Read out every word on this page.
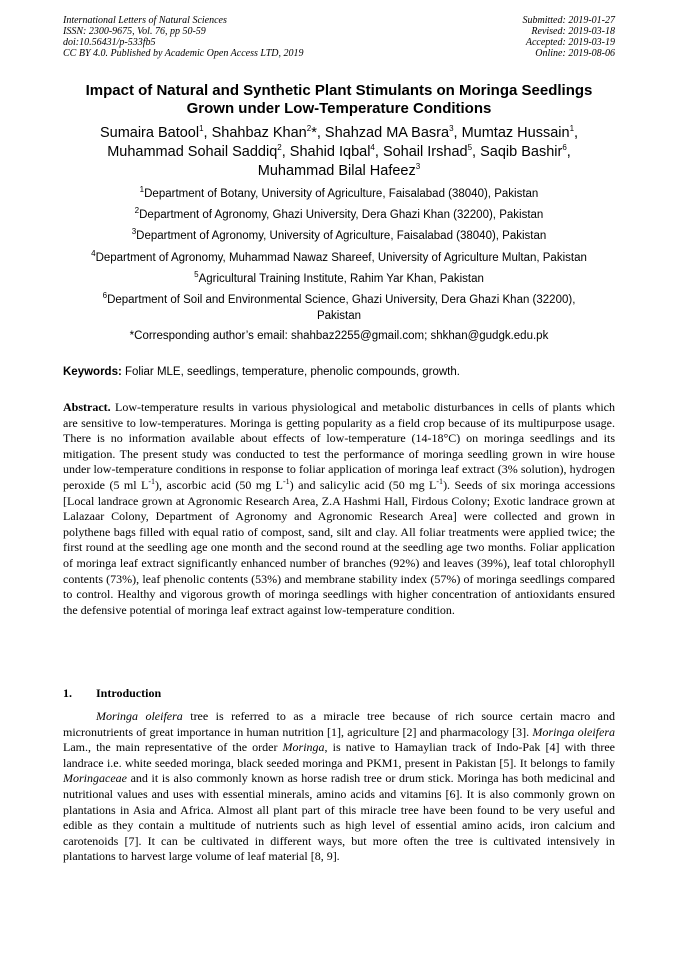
International Letters of Natural Sciences
ISSN: 2300-9675, Vol. 76, pp 50-59
doi:10.56431/p-533fb5
CC BY 4.0. Published by Academic Open Access LTD, 2019
Submitted: 2019-01-27
Revised: 2019-03-18
Accepted: 2019-03-19
Online: 2019-08-06
Impact of Natural and Synthetic Plant Stimulants on Moringa Seedlings
Grown under Low-Temperature Conditions
Sumaira Batool$^1$, Shahbaz Khan$^2$*, Shahzad MA Basra$^3$, Mumtaz Hussain$^1$,
Muhammad Sohail Saddiq$^2$, Shahid Iqbal$^4$, Sohail Irshad$^5$, Saqib Bashir$^6$,
Muhammad Bilal Hafeez$^3$
$^1$Department of Botany, University of Agriculture, Faisalabad (38040), Pakistan
$^2$Department of Agronomy, Ghazi University, Dera Ghazi Khan (32200), Pakistan
$^3$Department of Agronomy, University of Agriculture, Faisalabad (38040), Pakistan
$^4$Department of Agronomy, Muhammad Nawaz Shareef, University of Agriculture Multan, Pakistan
$^5$Agricultural Training Institute, Rahim Yar Khan, Pakistan
$^6$Department of Soil and Environmental Science, Ghazi University, Dera Ghazi Khan (32200),
Pakistan
*Corresponding author’s email: shahbaz2255@gmail.com; shkhan@gudgk.edu.pk
Keywords: Foliar MLE, seedlings, temperature, phenolic compounds, growth.
Abstract. Low-temperature results in various physiological and metabolic disturbances in cells of plants which are sensitive to low-temperatures. Moringa is getting popularity as a field crop because of its multipurpose usage. There is no information available about effects of low-temperature (14-18°C) on moringa seedlings and its mitigation. The present study was conducted to test the performance of moringa seedling grown in wire house under low-temperature conditions in response to foliar application of moringa leaf extract (3% solution), hydrogen peroxide (5 ml $L^{-1}$), ascorbic acid (50 mg $L^{-1}$) and salicylic acid (50 mg $L^{-1}$). Seeds of six moringa accessions [Local landrace grown at Agronomic Research Area, Z.A Hashmi Hall, Firdous Colony; Exotic landrace grown at Lalazaar Colony, Department of Agronomy and Agronomic Research Area] were collected and grown in polythene bags filled with equal ratio of compost, sand, silt and clay. All foliar treatments were applied twice; the first round at the seedling age one month and the second round at the seedling age two months. Foliar application of moringa leaf extract significantly enhanced number of branches (92%) and leaves (39%), leaf total chlorophyll contents (73%), leaf phenolic contents (53%) and membrane stability index (57%) of moringa seedlings compared to control. Healthy and vigorous growth of moringa seedlings with higher concentration of antioxidants ensured the defensive potential of moringa leaf extract against low-temperature condition.
1. Introduction
Moringa oleifera tree is referred to as a miracle tree because of rich source certain macro and micronutrients of great importance in human nutrition [1], agriculture [2] and pharmacology [3]. Moringa oleifera Lam., the main representative of the order Moringa, is native to Hamaylian track of Indo-Pak [4] with three landrace i.e. white seeded moringa, black seeded moringa and PKM1, present in Pakistan [5]. It belongs to family Moringaceae and it is also commonly known as horse radish tree or drum stick. Moringa has both medicinal and nutritional values and uses with essential minerals, amino acids and vitamins [6]. It is also commonly grown on plantations in Asia and Africa. Almost all plant part of this miracle tree have been found to be very useful and edible as they contain a multitude of nutrients such as high level of essential amino acids, iron calcium and carotenoids [7]. It can be cultivated in different ways, but more often the tree is cultivated intensively in plantations to harvest large volume of leaf material [8, 9].
